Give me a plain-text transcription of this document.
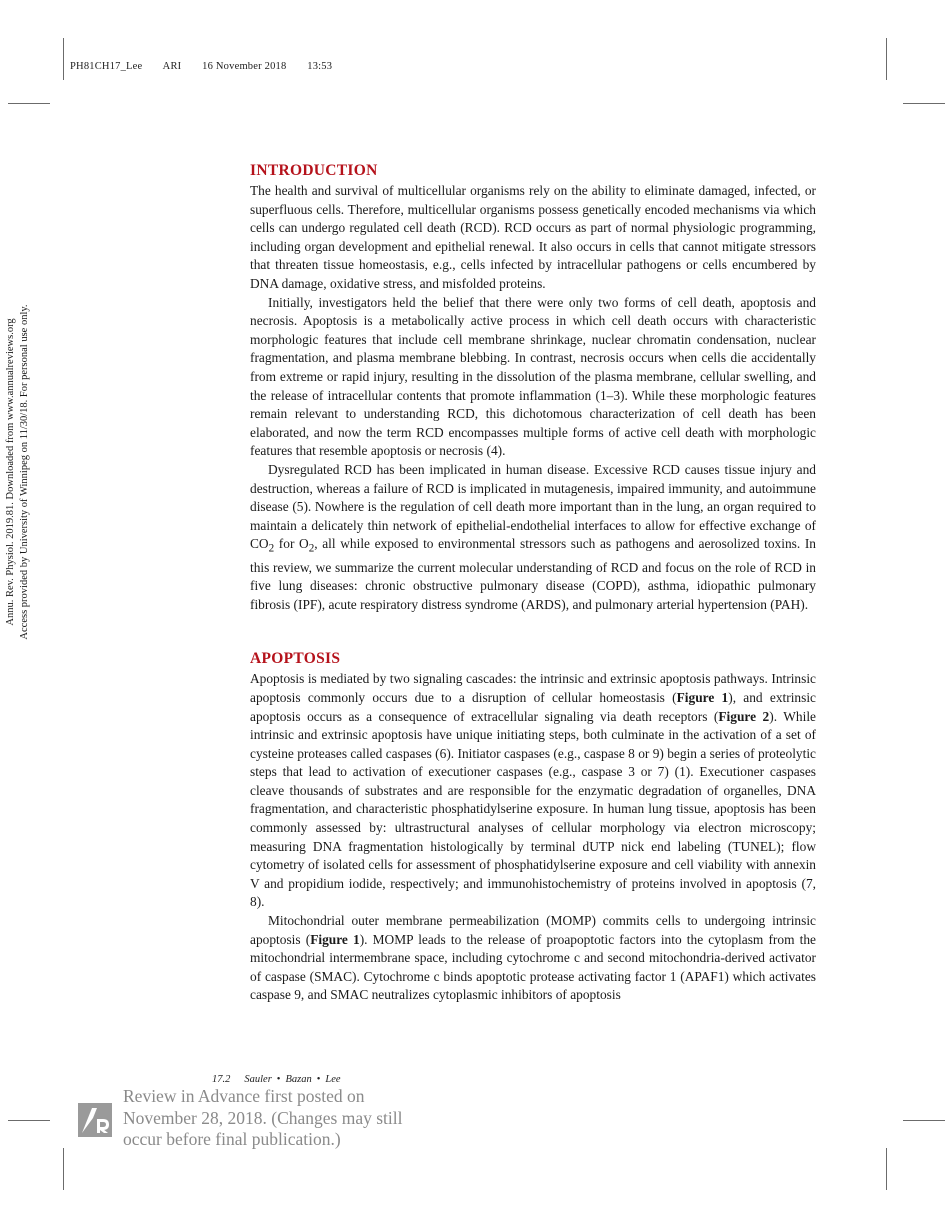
PH81CH17_Lee ARI 16 November 2018 13:53
Annu. Rev. Physiol. 2019.81. Downloaded from www.annualreviews.org Access provided by University of Winnipeg on 11/30/18. For personal use only.
INTRODUCTION

The health and survival of multicellular organisms rely on the ability to eliminate damaged, infected, or superfluous cells. Therefore, multicellular organisms possess genetically encoded mechanisms via which cells can undergo regulated cell death (RCD). RCD occurs as part of normal physiologic programming, including organ development and epithelial renewal. It also occurs in cells that cannot mitigate stressors that threaten tissue homeostasis, e.g., cells infected by intracellular pathogens or cells encumbered by DNA damage, oxidative stress, and misfolded proteins.

Initially, investigators held the belief that there were only two forms of cell death, apoptosis and necrosis. Apoptosis is a metabolically active process in which cell death occurs with characteristic morphologic features that include cell membrane shrinkage, nuclear chromatin condensation, nuclear fragmentation, and plasma membrane blebbing. In contrast, necrosis occurs when cells die accidentally from extreme or rapid injury, resulting in the dissolution of the plasma membrane, cellular swelling, and the release of intracellular contents that promote inflammation (1–3). While these morphologic features remain relevant to understanding RCD, this dichotomous characterization of cell death has been elaborated, and now the term RCD encompasses multiple forms of active cell death with morphologic features that resemble apoptosis or necrosis (4).

Dysregulated RCD has been implicated in human disease. Excessive RCD causes tissue injury and destruction, whereas a failure of RCD is implicated in mutagenesis, impaired immunity, and autoimmune disease (5). Nowhere is the regulation of cell death more important than in the lung, an organ required to maintain a delicately thin network of epithelial-endothelial interfaces to allow for effective exchange of $CO_2$ for $O_2$, all while exposed to environmental stressors such as pathogens and aerosolized toxins. In this review, we summarize the current molecular understanding of RCD and focus on the role of RCD in five lung diseases: chronic obstructive pulmonary disease (COPD), asthma, idiopathic pulmonary fibrosis (IPF), acute respiratory distress syndrome (ARDS), and pulmonary arterial hypertension (PAH).

APOPTOSIS

Apoptosis is mediated by two signaling cascades: the intrinsic and extrinsic apoptosis pathways. Intrinsic apoptosis commonly occurs due to a disruption of cellular homeostasis (Figure 1), and extrinsic apoptosis occurs as a consequence of extracellular signaling via death receptors (Figure 2). While intrinsic and extrinsic apoptosis have unique initiating steps, both culminate in the activation of a set of cysteine proteases called caspases (6). Initiator caspases (e.g., caspase 8 or 9) begin a series of proteolytic steps that lead to activation of executioner caspases (e.g., caspase 3 or 7) (1). Executioner caspases cleave thousands of substrates and are responsible for the enzymatic degradation of organelles, DNA fragmentation, and characteristic phosphatidylserine exposure. In human lung tissue, apoptosis has been commonly assessed by: ultrastructural analyses of cellular morphology via electron microscopy; measuring DNA fragmentation histologically by terminal dUTP nick end labeling (TUNEL); flow cytometry of isolated cells for assessment of phosphatidylserine exposure and cell viability with annexin V and propidium iodide, respectively; and immunohistochemistry of proteins involved in apoptosis (7, 8).

Mitochondrial outer membrane permeabilization (MOMP) commits cells to undergoing intrinsic apoptosis (Figure 1). MOMP leads to the release of proapoptotic factors into the cytoplasm from the mitochondrial intermembrane space, including cytochrome c and second mitochondria-derived activator of caspase (SMAC). Cytochrome c binds apoptotic protease activating factor 1 (APAF1) which activates caspase 9, and SMAC neutralizes cytoplasmic inhibitors of apoptosis

17.2 Sauler • Bazan • Lee
Review in Advance first posted on
November 28, 2018. (Changes may still
occur before final publication.)
